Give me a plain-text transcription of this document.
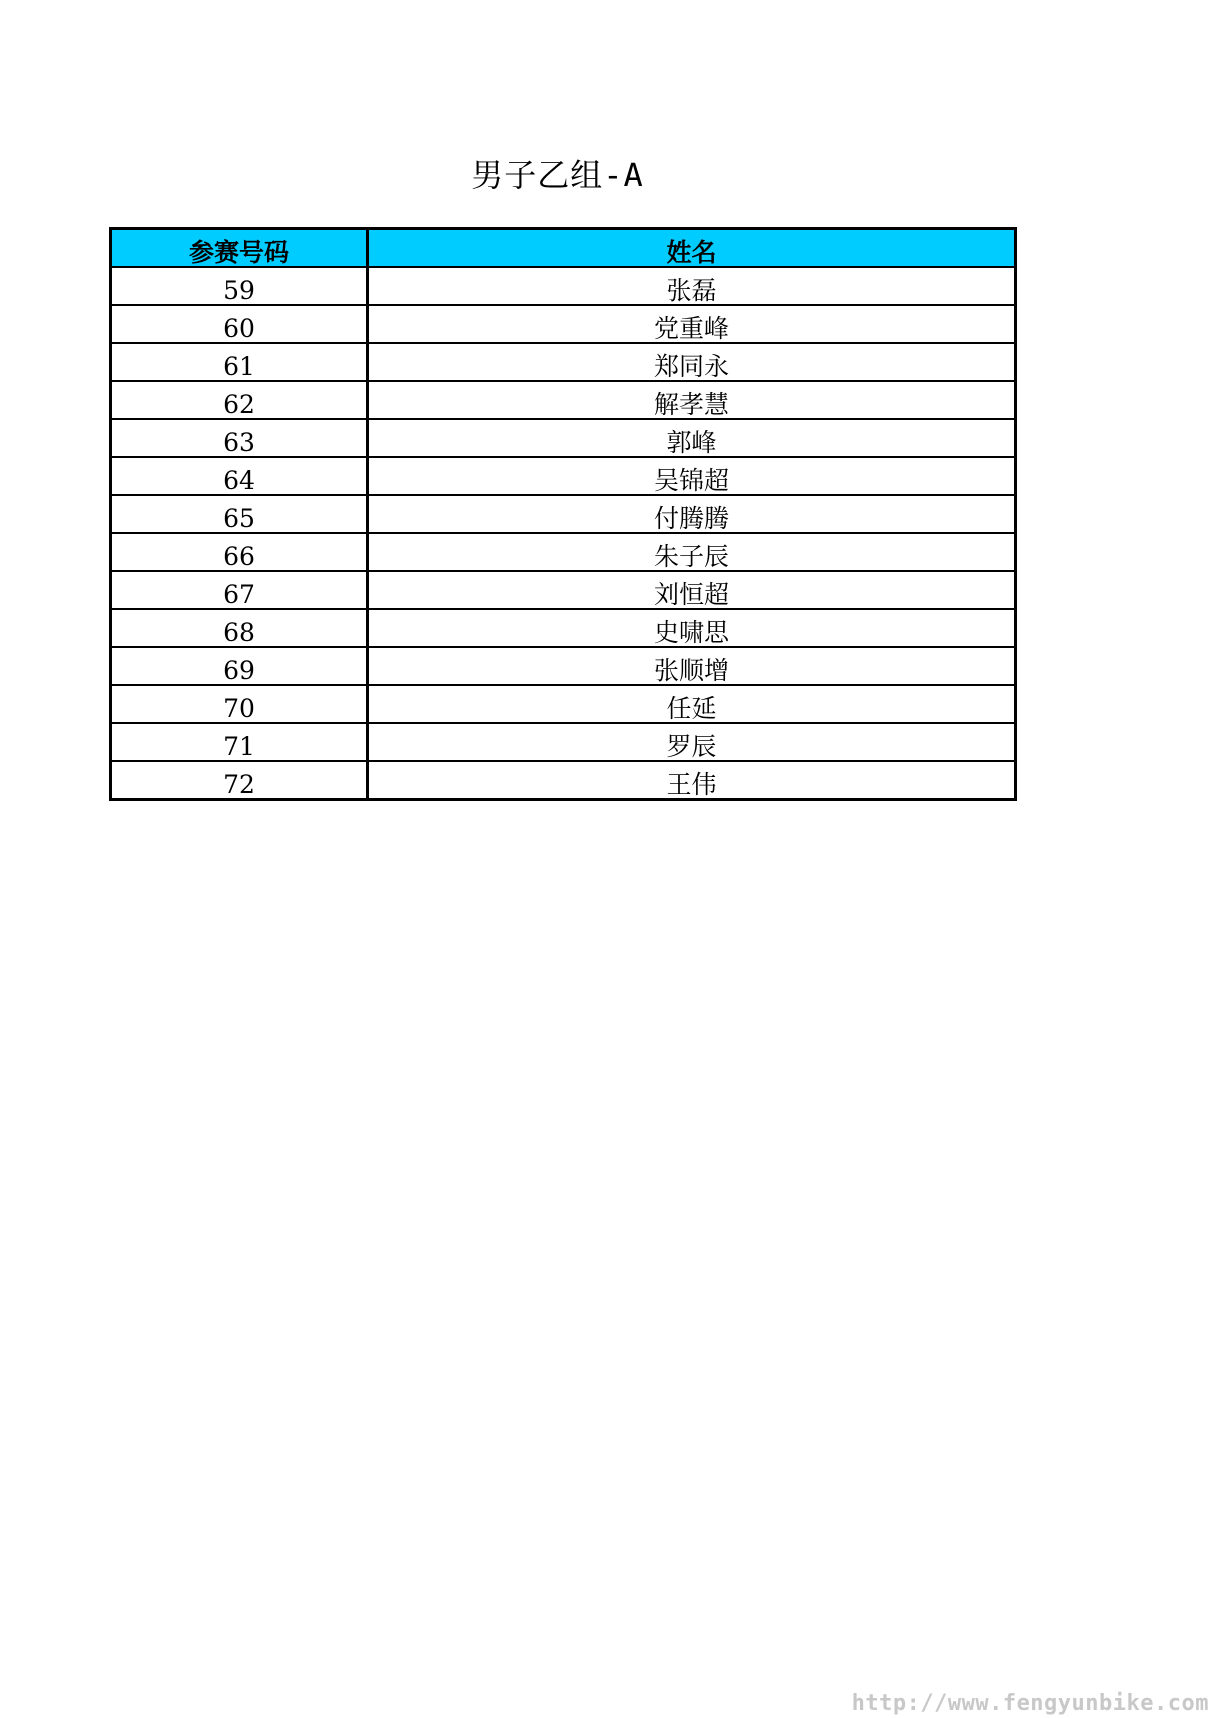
男子乙组-A
参赛号码	姓名
59	张磊
60	党重峰
61	郑同永
62	解孝慧
63	郭峰
64	吴锦超
65	付腾腾
66	朱子辰
67	刘恒超
68	史啸思
69	张顺增
70	任延
71	罗辰
72	王伟
http://www.fengyunbike.com
